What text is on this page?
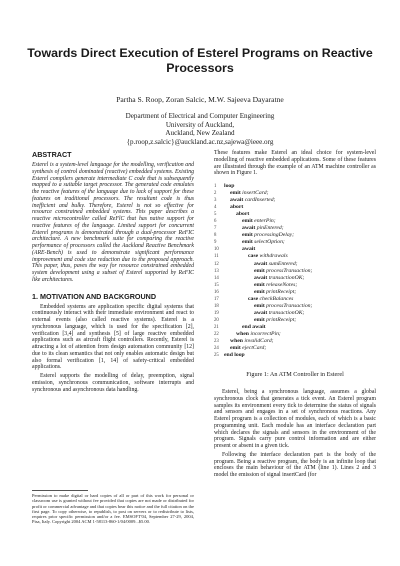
Towards Direct Execution of Esterel Programs on Reactive
Processors
Partha S. Roop, Zoran Salcic, M.W. Sajeeva Dayaratne
Department of Electrical and Computer Engineering
University of Auckland,
Auckland, New Zealand
{p.roop,z.salcic}@auckland.ac.nz,sajewa@ieee.org
ABSTRACT
Esterel is a system-level language for the modelling, verification and synthesis of control dominated (reactive) embedded systems. Existing Esterel compilers generate intermediate C code that is subsequently mapped to a suitable target processor. The generated code emulates the reactive features of the language due to lack of support for these features on traditional processors. The resultant code is thus inefficient and bulky. Therefore, Esterel is not so effective for resource constrained embedded systems. This paper describes a reactive microcontroller called ReFlC that has native support for reactive features of the language. Limited support for concurrent Esterel programs is demonstrated through a dual-processor ReFIC architecture. A new benchmark suite for comparing the reactive performance of processors called the Auckland Reactive Benchmark (ARE-Bench) is used to demonstrate significant performance improvement and code size reduction due to the proposed approach. This paper, thus, paves the way for resource constrained embedded system development using a subset of Esterel supported by ReFIC like architectures.
1. MOTIVATION AND BACKGROUND
Embedded systems are application specific digital systems that continuously interact with their immediate environment and react to external events (also called reactive systems). Esterel is a synchronous language, which is used for the specification [2], verification [3,4] and synthesis [5] of large reactive embedded applications such as aircraft flight controllers. Recently, Esterel is attracting a lot of attention from design automation community [12] due to its clean semantics that not only enables automatic design but also formal verification [1, 14] of safety-critical embedded applications.
Esterel supports the modelling of delay, preemption, signal emission, synchronous communication, software interrupts and synchronous and asynchronous data handling.
Permission to make digital or hard copies of all or part of this work for personal or classroom use is granted without fee provided that copies are not made or distributed for profit or commercial advantage and that copies bear this notice and the full citation on the first page. To copy otherwise, to republish, to post on servers or to redistribute to lists, requires prior specific permission and/or a fee. EMSOFT'04, September 27-29, 2004, Pisa, Italy. Copyright 2004 ACM 1-58113-860-1/04/0009...$5.00.
These features make Esterel an ideal choice for system-level modelling of reactive embedded applications. Some of these features are illustrated through the example of an ATM machine controller as shown in Figure 1.
1	loop
2	emit insertCard;
3	await cardInserted;
4	abort
5	abort
6	emit enterPin;
7	await pinEntered;
8	emit processingDelay;
9	emit selectOption;
10	await
11	case withdrawals
12	await sumEntered;
13	emit processTransaction;
14	await transactionOK;
15	emit releaseNotes;
16	emit printReceipt;
17	case checkBalances
18	emit processTransaction;
19	await transactionOK;
20	emit printReceipt;
21	end await
22	when incorrectPin;
23	when invalidCard;
24	emit ejectCard;
25 end loop
Figure 1: An ATM Controller in Esterel
Esterel, being a synchronous language, assumes a global synchronous clock that generates a tick event. An Esterel program samples its environment every tick to determine the status of signals and sensors and engages in a set of synchronous reactions. Any Esterel program is a collection of modules, each of which is a basic programming unit. Each module has an interface declaration part which declares the signals and sensors in the environment of the program. Signals carry pure control information and are either present or absent in a given tick.
Following the interface declaration part is the body of the program. Being a reactive program, the body is an infinite loop that encloses the main behaviour of the ATM (line 1). Lines 2 and 3 model the emission of signal insertCard (for
